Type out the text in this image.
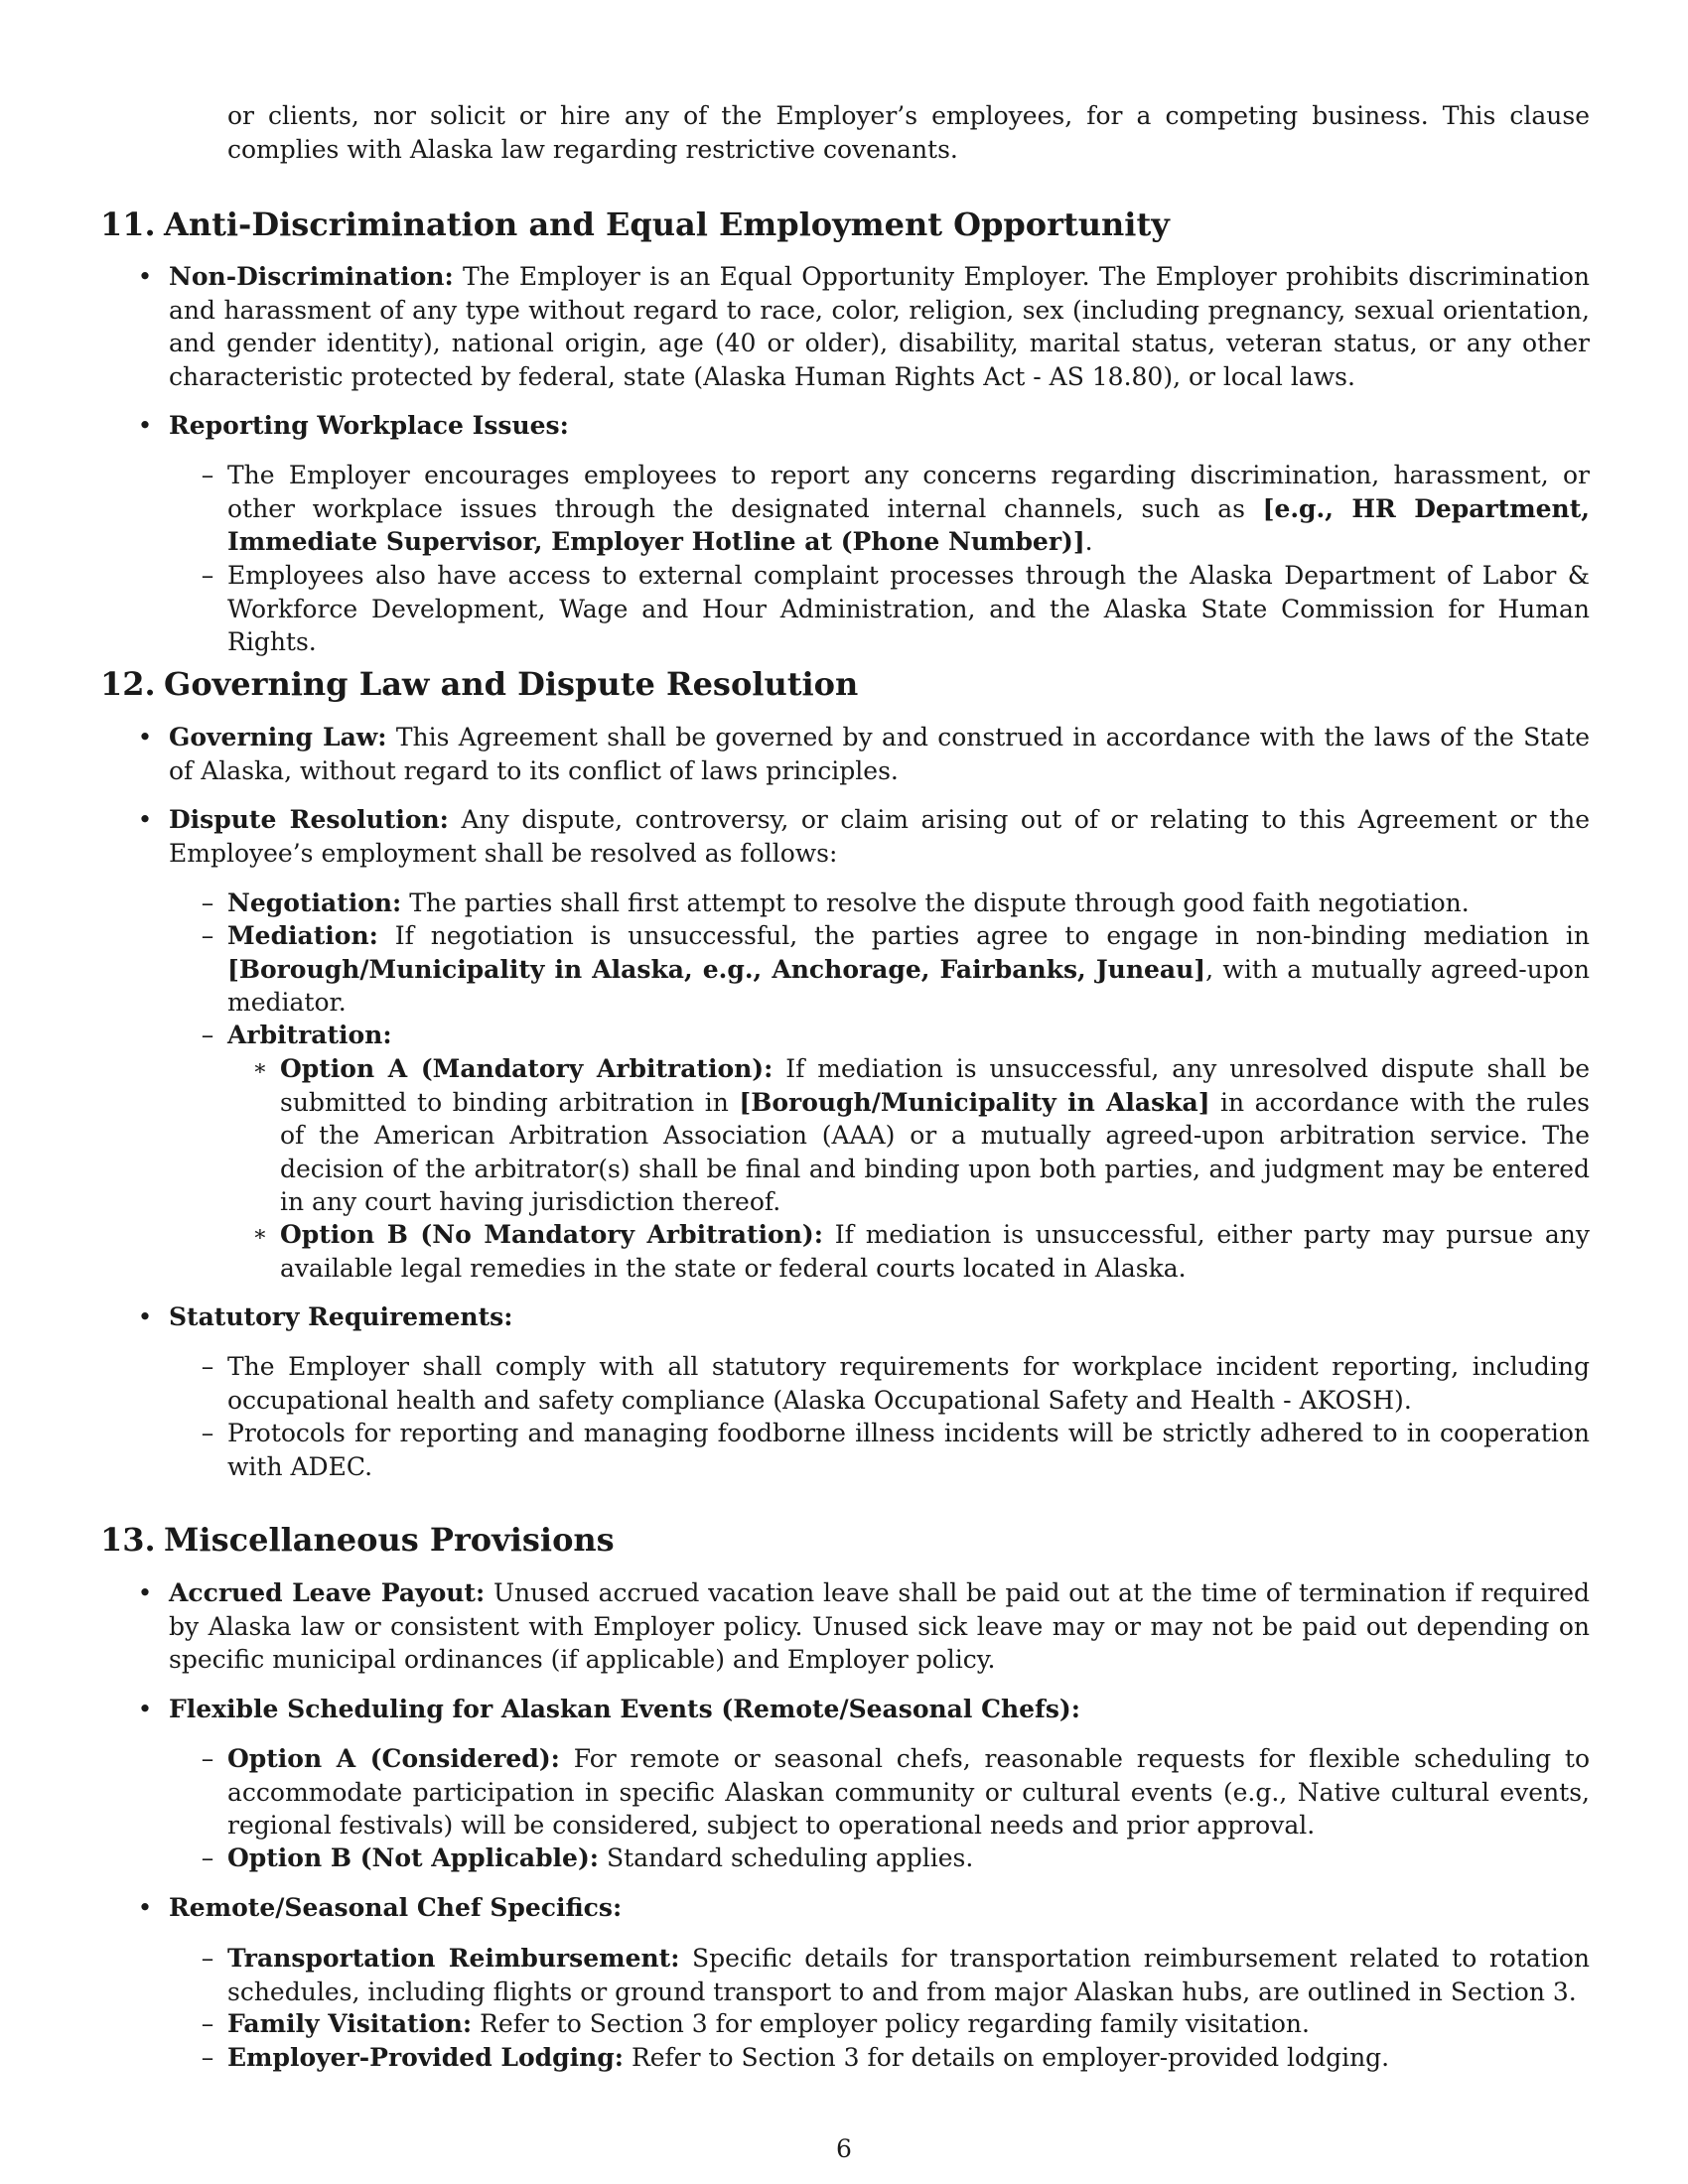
or clients, nor solicit or hire any of the Employer’s employees, for a competing business. This clause complies with Alaska law regarding restrictive covenants.
11. Anti-Discrimination and Equal Employment Opportunity
• Non-Discrimination: The Employer is an Equal Opportunity Employer. The Employer prohibits discrimination and harassment of any type without regard to race, color, religion, sex (including pregnancy, sexual orientation, and gender identity), national origin, age (40 or older), disability, marital status, veteran status, or any other characteristic protected by federal, state (Alaska Human Rights Act - AS 18.80), or local laws.
• Reporting Workplace Issues:
– The Employer encourages employees to report any concerns regarding discrimination, harassment, or other workplace issues through the designated internal channels, such as [e.g., HR Department, Immediate Supervisor, Employer Hotline at (Phone Number)].
– Employees also have access to external complaint processes through the Alaska Department of Labor & Workforce Development, Wage and Hour Administration, and the Alaska State Commission for Human Rights.
12. Governing Law and Dispute Resolution
• Governing Law: This Agreement shall be governed by and construed in accordance with the laws of the State of Alaska, without regard to its conflict of laws principles.
• Dispute Resolution: Any dispute, controversy, or claim arising out of or relating to this Agreement or the Employee’s employment shall be resolved as follows:
– Negotiation: The parties shall first attempt to resolve the dispute through good faith negotiation.
– Mediation: If negotiation is unsuccessful, the parties agree to engage in non-binding mediation in [Borough/Municipality in Alaska, e.g., Anchorage, Fairbanks, Juneau], with a mutually agreed-upon mediator.
– Arbitration:
∗ Option A (Mandatory Arbitration): If mediation is unsuccessful, any unresolved dispute shall be submitted to binding arbitration in [Borough/Municipality in Alaska] in accordance with the rules of the American Arbitration Association (AAA) or a mutually agreed-upon arbitration service. The decision of the arbitrator(s) shall be final and binding upon both parties, and judgment may be entered in any court having jurisdiction thereof.
∗ Option B (No Mandatory Arbitration): If mediation is unsuccessful, either party may pursue any available legal remedies in the state or federal courts located in Alaska.
• Statutory Requirements:
– The Employer shall comply with all statutory requirements for workplace incident reporting, including occupational health and safety compliance (Alaska Occupational Safety and Health - AKOSH).
– Protocols for reporting and managing foodborne illness incidents will be strictly adhered to in cooperation with ADEC.
13. Miscellaneous Provisions
• Accrued Leave Payout: Unused accrued vacation leave shall be paid out at the time of termination if required by Alaska law or consistent with Employer policy. Unused sick leave may or may not be paid out depending on specific municipal ordinances (if applicable) and Employer policy.
• Flexible Scheduling for Alaskan Events (Remote/Seasonal Chefs):
– Option A (Considered): For remote or seasonal chefs, reasonable requests for flexible scheduling to accommodate participation in specific Alaskan community or cultural events (e.g., Native cultural events, regional festivals) will be considered, subject to operational needs and prior approval.
– Option B (Not Applicable): Standard scheduling applies.
• Remote/Seasonal Chef Specifics:
– Transportation Reimbursement: Specific details for transportation reimbursement related to rotation schedules, including flights or ground transport to and from major Alaskan hubs, are outlined in Section 3.
– Family Visitation: Refer to Section 3 for employer policy regarding family visitation.
– Employer-Provided Lodging: Refer to Section 3 for details on employer-provided lodging.
6
